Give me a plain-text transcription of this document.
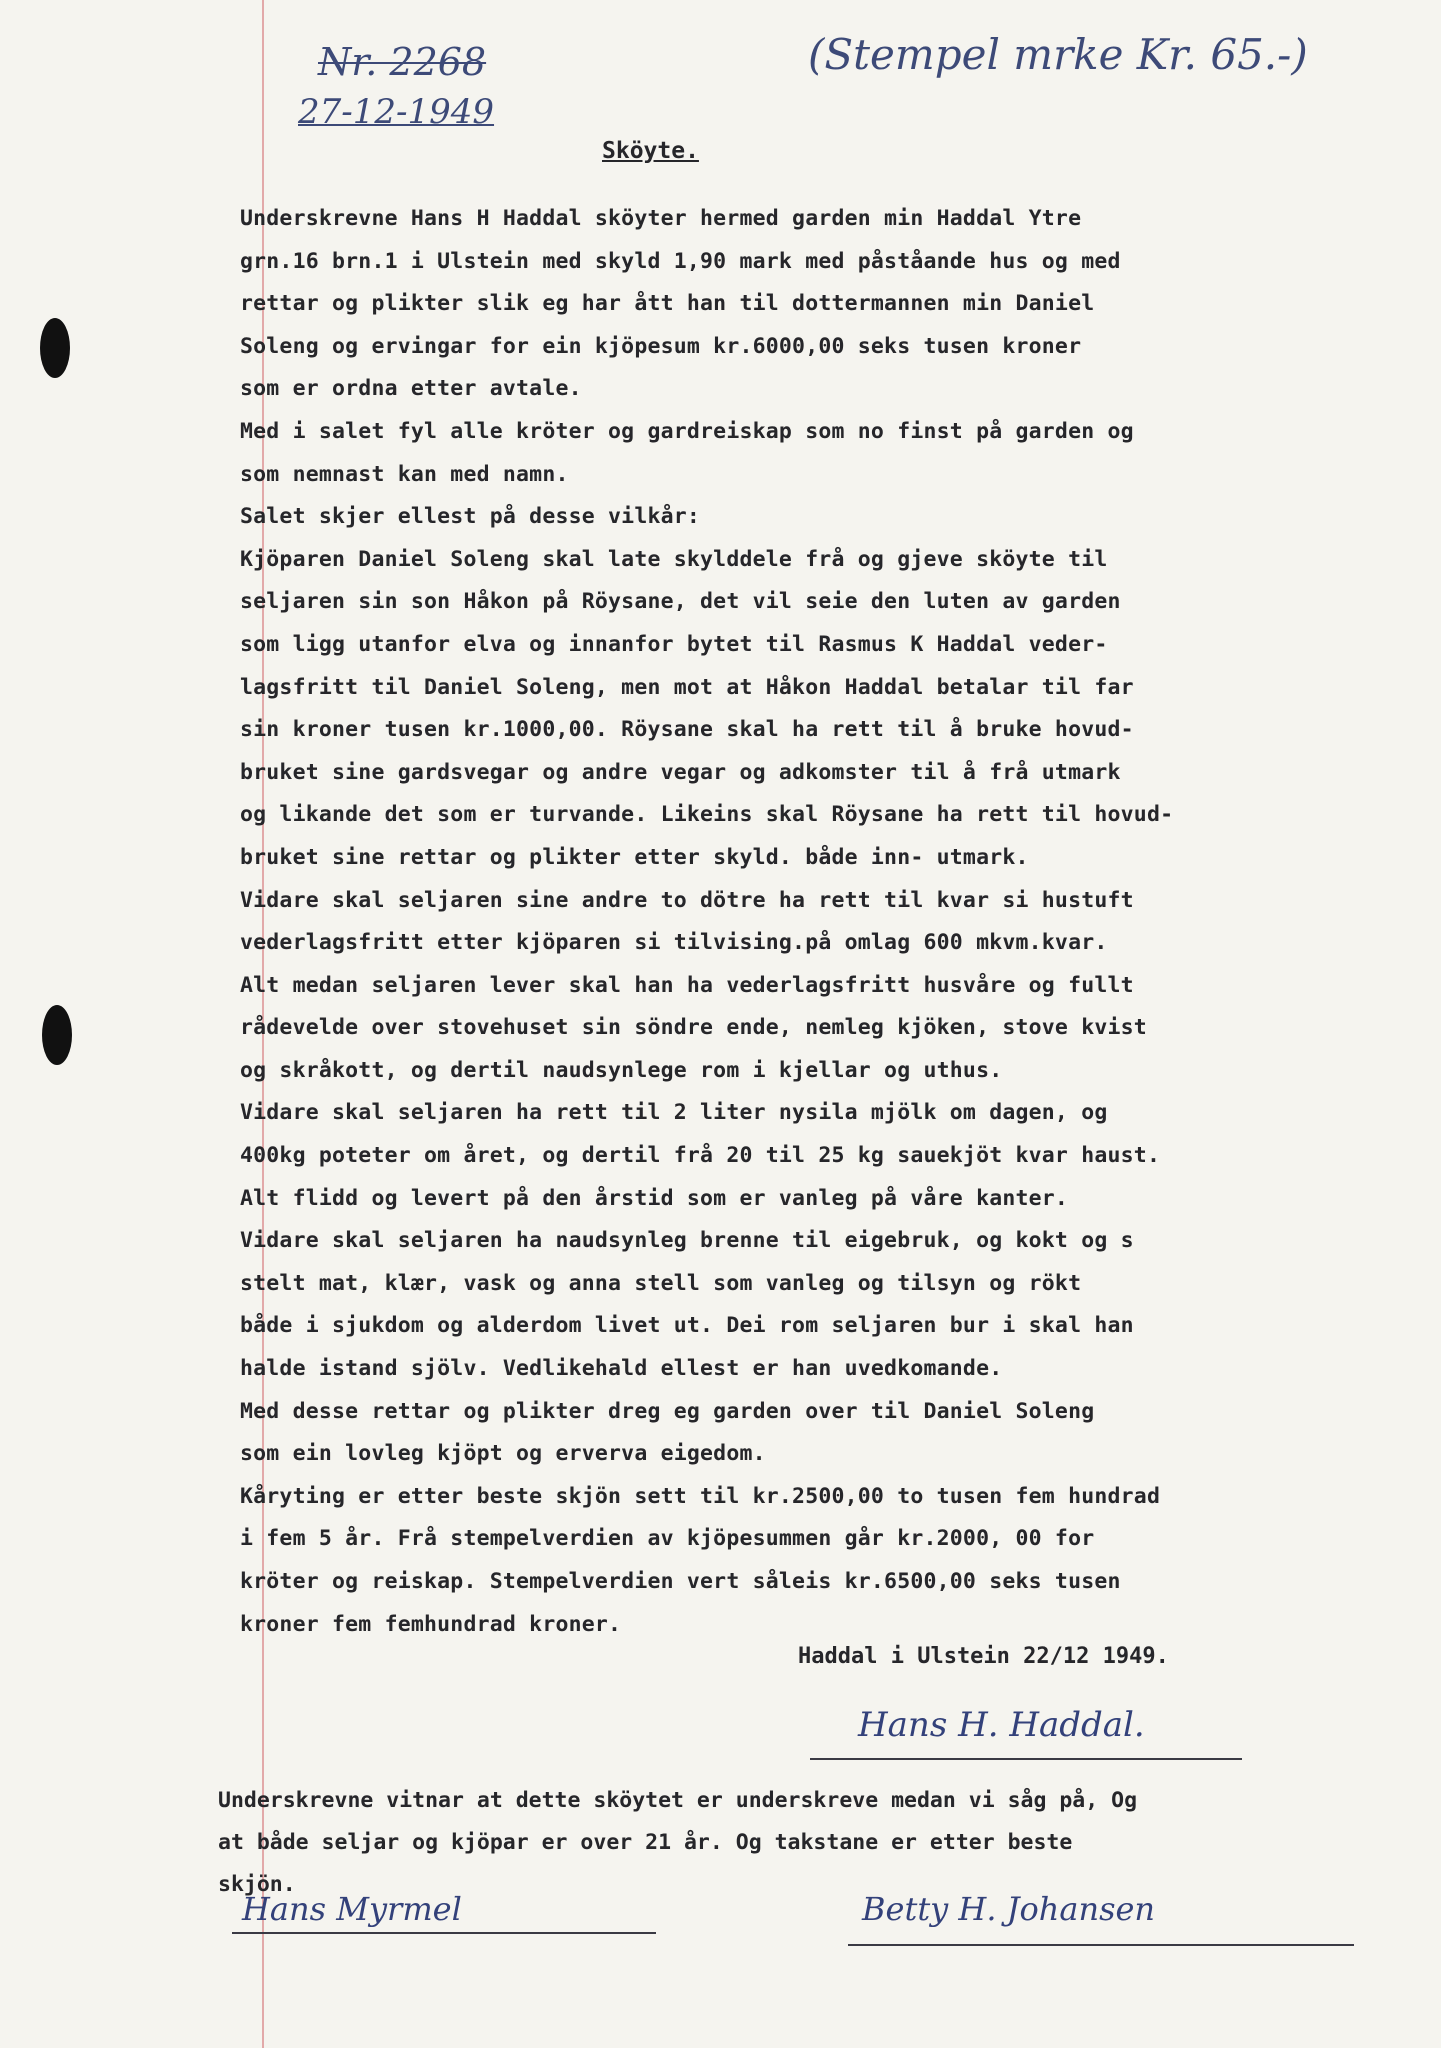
Nr. 2268
27-12-1949
(Stempel mrke Kr. 65.-)
Sköyte.
Underskrevne Hans H Haddal sköyter hermed garden min Haddal Ytre
grn.16 brn.1 i Ulstein med skyld 1,90 mark med påståande hus og med
rettar og plikter slik eg har ått han til dottermannen min Daniel
Soleng og ervingar for ein kjöpesum kr.6000,00 seks tusen kroner
som er ordna etter avtale.
Med i salet fyl alle kröter og gardreiskap som no finst på garden og
som nemnast kan med namn.
Salet skjer ellest på desse vilkår:
Kjöparen Daniel Soleng skal late skylddele frå og gjeve sköyte til
seljaren sin son Håkon på Röysane, det vil seie den luten av garden
som ligg utanfor elva og innanfor bytet til Rasmus K Haddal veder-
lagsfritt til Daniel Soleng, men mot at Håkon Haddal betalar til far
sin kroner tusen kr.1000,00. Röysane skal ha rett til å bruke hovud-
bruket sine gardsvegar og andre vegar og adkomster til å frå utmark
og likande det som er turvande. Likeins skal Röysane ha rett til hovud-
bruket sine rettar og plikter etter skyld. både inn- utmark.
Vidare skal seljaren sine andre to dötre ha rett til kvar si hustuft
vederlagsfritt etter kjöparen si tilvising.på omlag 600 mkvm.kvar.
Alt medan seljaren lever skal han ha vederlagsfritt husvåre og fullt
rådevelde over stovehuset sin söndre ende, nemleg kjöken, stove kvist
og skråkott, og dertil naudsynlege rom i kjellar og uthus.
Vidare skal seljaren ha rett til 2 liter nysila mjölk om dagen, og
400kg poteter om året, og dertil frå 20 til 25 kg sauekjöt kvar haust.
Alt flidd og levert på den årstid som er vanleg på våre kanter.
Vidare skal seljaren ha naudsynleg brenne til eigebruk, og kokt og s
stelt mat, klær, vask og anna stell som vanleg og tilsyn og rökt
både i sjukdom og alderdom livet ut. Dei rom seljaren bur i skal han
halde istand sjölv. Vedlikehald ellest er han uvedkomande.
Med desse rettar og plikter dreg eg garden over til Daniel Soleng
som ein lovleg kjöpt og erverva eigedom.
Kåryting er etter beste skjön sett til kr.2500,00 to tusen fem hundrad
i fem 5 år. Frå stempelverdien av kjöpesummen går kr.2000, 00 for
kröter og reiskap. Stempelverdien vert såleis kr.6500,00 seks tusen
kroner fem femhundrad kroner.
Haddal i Ulstein 22/12 1949.
Hans H. Haddal.
Underskrevne vitnar at dette sköytet er underskreve medan vi såg på, Og
at både seljar og kjöpar er over 21 år. Og takstane er etter beste
skjön.
Hans Myrmel	Betty H. Johansen
